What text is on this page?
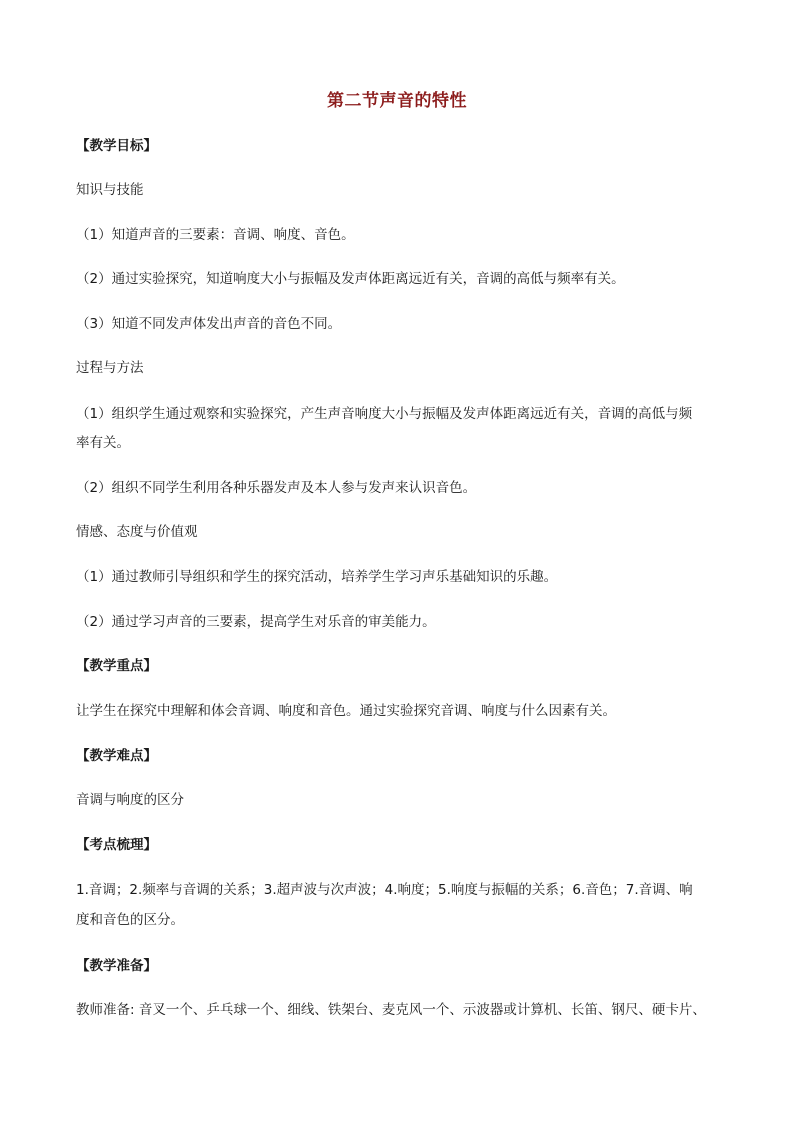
第二节声音的特性
【教学目标】
知识与技能
（1）知道声音的三要素：音调、响度、音色。
（2）通过实验探究，知道响度大小与振幅及发声体距离远近有关，音调的高低与频率有关。
（3）知道不同发声体发出声音的音色不同。
过程与方法
（1）组织学生通过观察和实验探究，产生声音响度大小与振幅及发声体距离远近有关，音调的高低与频
率有关。
（2）组织不同学生利用各种乐器发声及本人参与发声来认识音色。
情感、态度与价值观
（1）通过教师引导组织和学生的探究活动，培养学生学习声乐基础知识的乐趣。
（2）通过学习声音的三要素，提高学生对乐音的审美能力。
【教学重点】
让学生在探究中理解和体会音调、响度和音色。通过实验探究音调、响度与什么因素有关。
【教学难点】
音调与响度的区分
【考点梳理】
1.音调；2.频率与音调的关系；3.超声波与次声波；4.响度；5.响度与振幅的关系；6.音色；7.音调、响
度和音色的区分。
【教学准备】
教师准备: 音叉一个、乒乓球一个、细线、铁架台、麦克风一个、示波器或计算机、长笛、钢尺、硬卡片、
